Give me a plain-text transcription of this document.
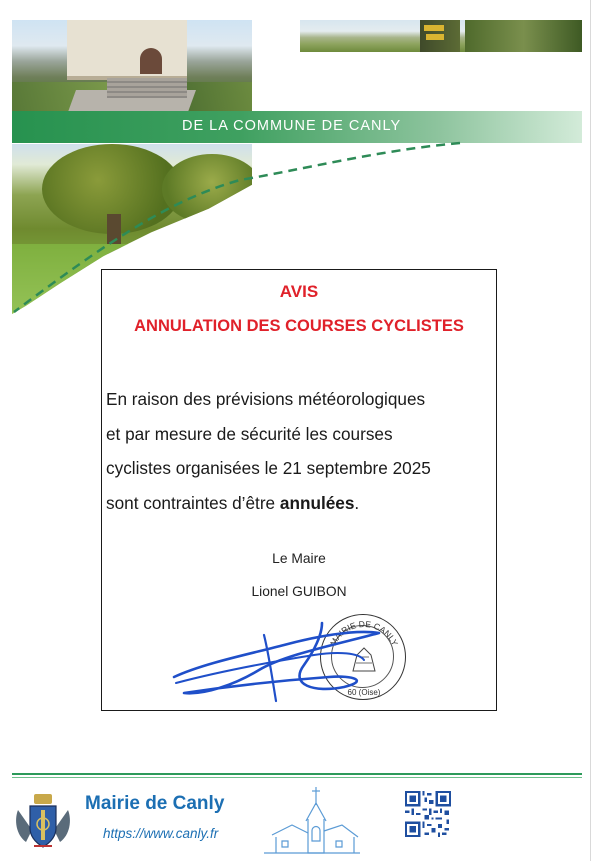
DE LA COMMUNE DE CANLY
AVIS
ANNULATION DES COURSES CYCLISTES
En raison des prévisions météorologiques
et par mesure de sécurité les courses
cyclistes organisées le 21 septembre 2025
sont contraintes d’être annulées.
Le Maire
Lionel GUIBON
MAIRIE DE CANLY
60 (Oise)
Mairie de Canly
https://www.canly.fr
